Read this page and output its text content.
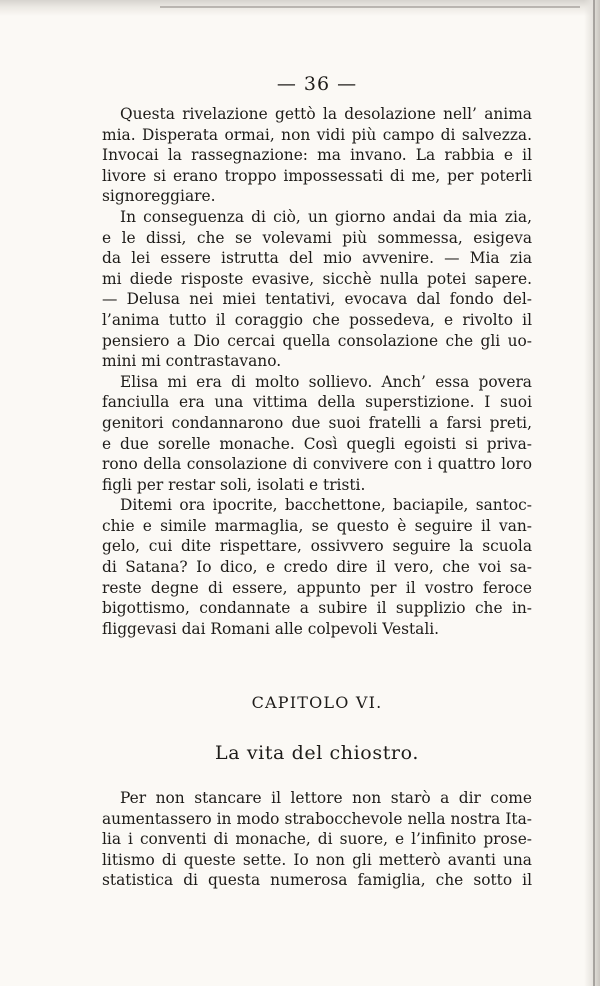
— 36 —
Questa rivelazione gettò la desolazione nell’ anima
mia. Disperata ormai, non vidi più campo di salvezza.
Invocai la rassegnazione: ma invano. La rabbia e il
livore si erano troppo impossessati di me, per poterli
signoreggiare.
In conseguenza di ciò, un giorno andai da mia zia,
e le dissi, che se volevami più sommessa, esigeva
da lei essere istrutta del mio avvenire. — Mia zia
mi diede risposte evasive, sicchè nulla potei sapere.
— Delusa nei miei tentativi, evocava dal fondo del-
l’anima tutto il coraggio che possedeva, e rivolto il
pensiero a Dio cercai quella consolazione che gli uo-
mini mi contrastavano.
Elisa mi era di molto sollievo. Anch’ essa povera
fanciulla era una vittima della superstizione. I suoi
genitori condannarono due suoi fratelli a farsi preti,
e due sorelle monache. Così quegli egoisti si priva-
rono della consolazione di convivere con i quattro loro
figli per restar soli, isolati e tristi.
Ditemi ora ipocrite, bacchettone, baciapile, santoc-
chie e simile marmaglia, se questo è seguire il van-
gelo, cui dite rispettare, ossivvero seguire la scuola
di Satana? Io dico, e credo dire il vero, che voi sa-
reste degne di essere, appunto per il vostro feroce
bigottismo, condannate a subire il supplizio che in-
fliggevasi dai Romani alle colpevoli Vestali.
CAPITOLO VI.
La vita del chiostro.
Per non stancare il lettore non starò a dir come
aumentassero in modo strabocchevole nella nostra Ita-
lia i conventi di monache, di suore, e l’infinito prose-
litismo di queste sette. Io non gli metterò avanti una
statistica di questa numerosa famiglia, che sotto il
